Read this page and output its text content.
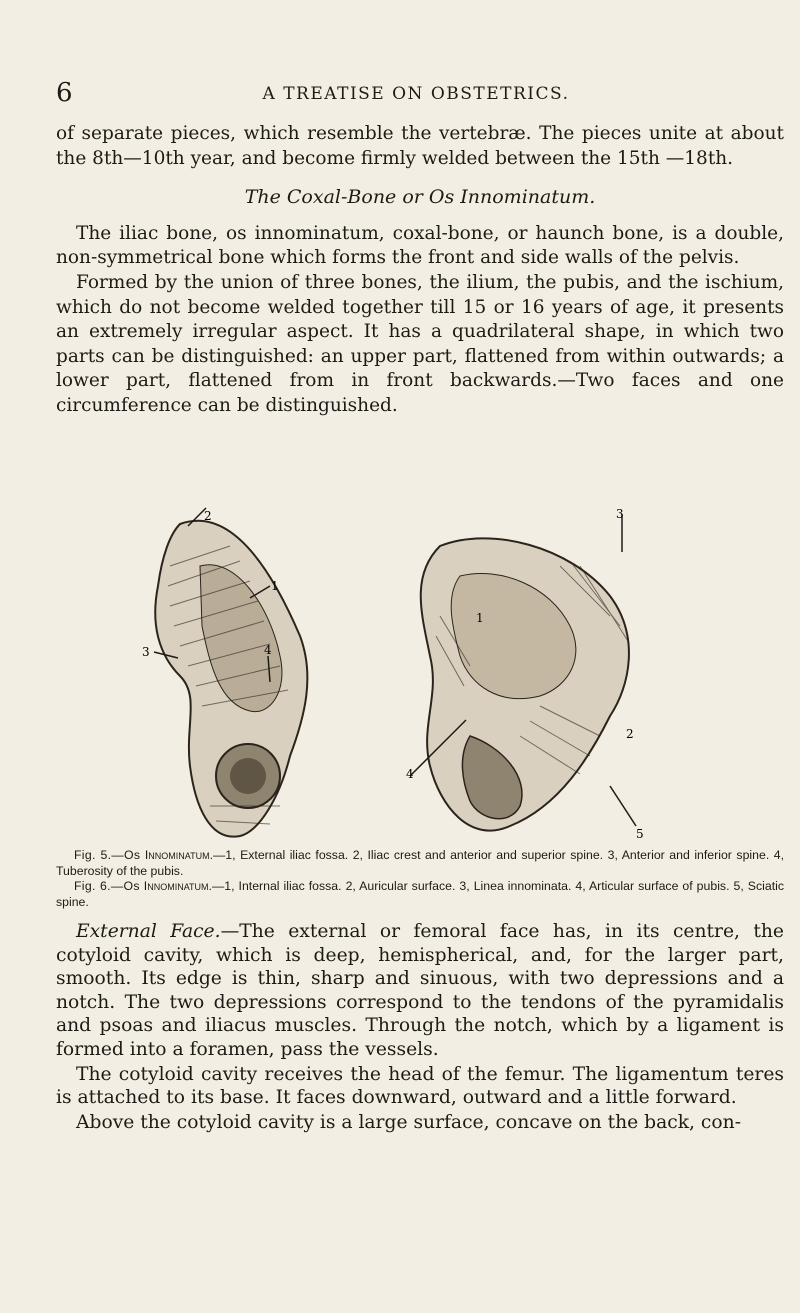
6	A TREATISE ON OBSTETRICS.

of separate pieces, which resemble the vertebræ. The pieces unite at about the 8th—10th year, and become firmly welded between the 15th —18th.

The Coxal-Bone or Os Innominatum.

The iliac bone, os innominatum, coxal-bone, or haunch bone, is a double, non-symmetrical bone which forms the front and side walls of the pelvis.

Formed by the union of three bones, the ilium, the pubis, and the ischium, which do not become welded together till 15 or 16 years of age, it presents an extremely irregular aspect. It has a quadrilateral shape, in which two parts can be distinguished: an upper part, flattened from within outwards; a lower part, flattened from in front backwards.—Two faces and one circumference can be distinguished.

2
1
3	4
3
1
2
4
5

Fig. 5.—Os Innominatum.—1, External iliac fossa. 2, Iliac crest and anterior and superior spine. 3, Anterior and inferior spine. 4, Tuberosity of the pubis.

Fig. 6.—Os Innominatum.—1, Internal iliac fossa. 2, Auricular surface. 3, Linea innominata. 4, Articular surface of pubis. 5, Sciatic spine.

External Face.—The external or femoral face has, in its centre, the cotyloid cavity, which is deep, hemispherical, and, for the larger part, smooth. Its edge is thin, sharp and sinuous, with two depressions and a notch. The two depressions correspond to the tendons of the pyramidalis and psoas and iliacus muscles. Through the notch, which by a ligament is formed into a foramen, pass the vessels.

The cotyloid cavity receives the head of the femur. The ligamentum teres is attached to its base. It faces downward, outward and a little forward.

Above the cotyloid cavity is a large surface, concave on the back, con-
